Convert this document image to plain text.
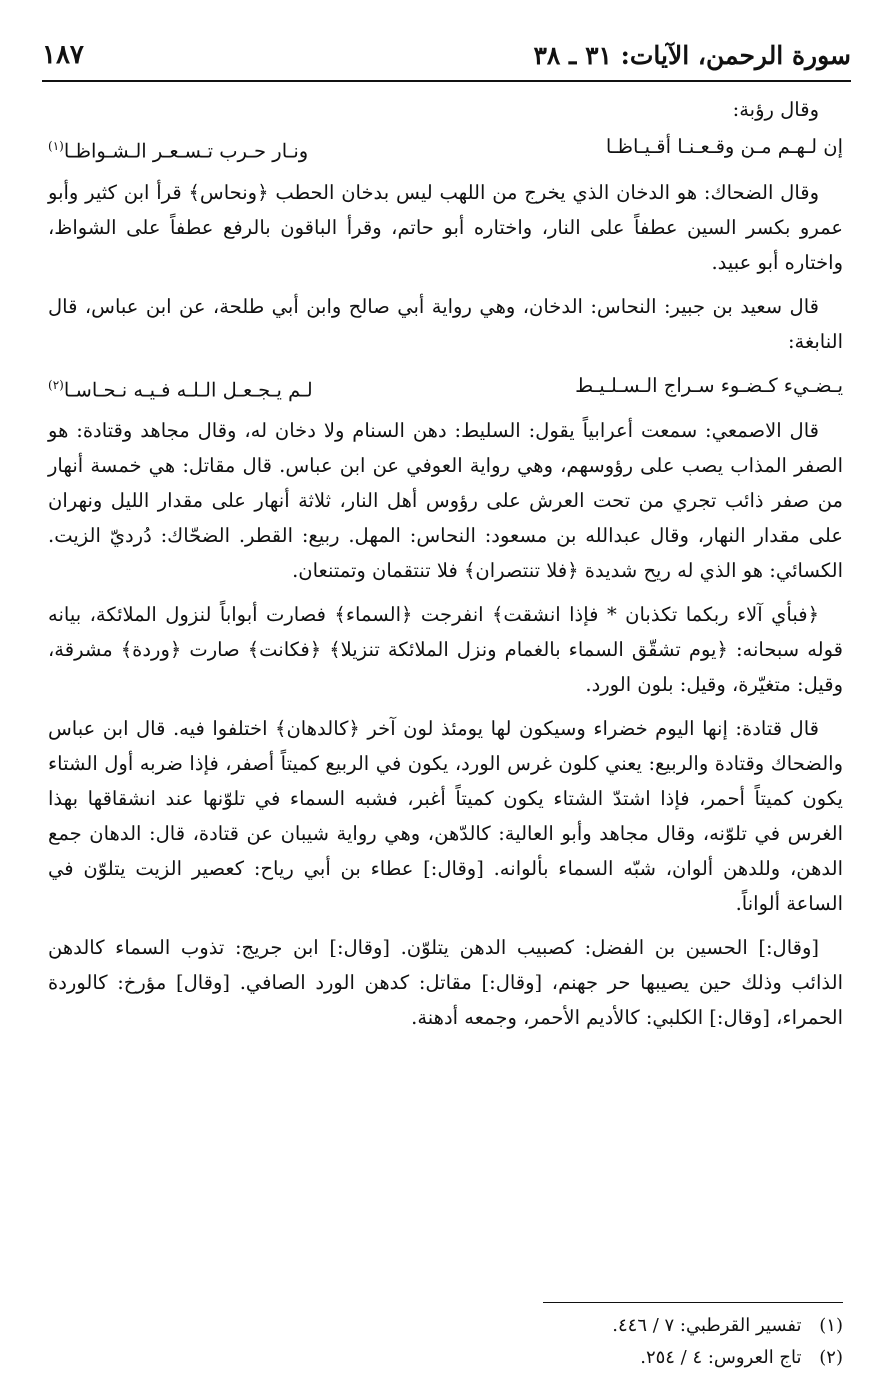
سورة الرحمن، الآيات: ٣١ ـ ٣٨
١٨٧

وقال رؤبة:

إن لـهـم مـن وقـعـنـا أقـيـاظـا
ونـار حـرب تـسـعـر الـشـواظـا$^{(١)}$

وقال الضحاك: هو الدخان الذي يخرج من اللهب ليس بدخان الحطب ﴿ونحاس﴾ قرأ ابن كثير وأبو عمرو بكسر السين عطفاً على النار، واختاره أبو حاتم، وقرأ الباقون بالرفع عطفاً على الشواظ، واختاره أبو عبيد.

قال سعيد بن جبير: النحاس: الدخان، وهي رواية أبي صالح وابن أبي طلحة، عن ابن عباس، قال النابغة:

يـضـيء كـضـوء سـراج الـسـلـيـط
لـم يـجـعـل الـلـه فـيـه نـحـاسـا$^{(٢)}$

قال الاصمعي: سمعت أعرابياً يقول: السليط: دهن السنام ولا دخان له، وقال مجاهد وقتادة: هو الصفر المذاب يصب على رؤوسهم، وهي رواية العوفي عن ابن عباس. قال مقاتل: هي خمسة أنهار من صفر ذائب تجري من تحت العرش على رؤوس أهل النار، ثلاثة أنهار على مقدار الليل ونهران على مقدار النهار، وقال عبدالله بن مسعود: النحاس: المهل. ربيع: القطر. الضحّاك: دُرديّ الزيت. الكسائي: هو الذي له ريح شديدة ﴿فلا تنتصران﴾ فلا تنتقمان وتمتنعان.

﴿فبأي آلاء ربكما تكذبان * فإذا انشقت﴾ انفرجت ﴿السماء﴾ فصارت أبواباً لنزول الملائكة، بيانه قوله سبحانه: ﴿يوم تشقّق السماء بالغمام ونزل الملائكة تنزيلا﴾ ﴿فكانت﴾ صارت ﴿وردة﴾ مشرقة، وقيل: متغيّرة، وقيل: بلون الورد.

قال قتادة: إنها اليوم خضراء وسيكون لها يومئذ لون آخر ﴿كالدهان﴾ اختلفوا فيه. قال ابن عباس والضحاك وقتادة والربيع: يعني كلون غرس الورد، يكون في الربيع كميتاً أصفر، فإذا ضربه أول الشتاء يكون كميتاً أحمر، فإذا اشتدّ الشتاء يكون كميتاً أغبر، فشبه السماء في تلوّنها عند انشقاقها بهذا الغرس في تلوّنه، وقال مجاهد وأبو العالية: كالدّهن، وهي رواية شيبان عن قتادة، قال: الدهان جمع الدهن، وللدهن ألوان، شبّه السماء بألوانه. [وقال:] عطاء بن أبي رياح: كعصير الزيت يتلوّن في الساعة ألواناً.

[وقال:] الحسين بن الفضل: كصبيب الدهن يتلوّن. [وقال:] ابن جريج: تذوب السماء كالدهن الذائب وذلك حين يصيبها حر جهنم، [وقال:] مقاتل: كدهن الورد الصافي. [وقال] مؤرخ: كالوردة الحمراء، [وقال:] الكلبي: كالأديم الأحمر، وجمعه أدهنة.

(١) تفسير القرطبي: ٧ / ٤٤٦.
(٢) تاج العروس: ٤ / ٢٥٤.
